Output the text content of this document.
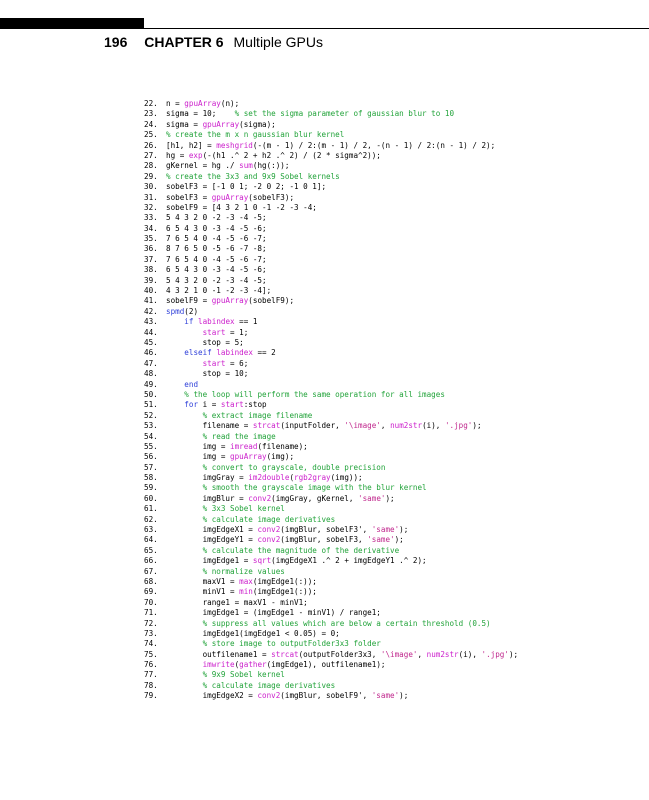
196 CHAPTER 6 Multiple GPUs
22. n = gpuArray(n);
23. sigma = 10;    % set the sigma parameter of gaussian blur to 10
24. sigma = gpuArray(sigma);
25. % create the m x n gaussian blur kernel
26. [h1, h2] = meshgrid(-(m - 1) / 2:(m - 1) / 2, -(n - 1) / 2:(n - 1) / 2);
27. hg = exp(-(h1 .^ 2 + h2 .^ 2) / (2 * sigma^2));
28. gKernel = hg ./ sum(hg(:));
29. % create the 3x3 and 9x9 Sobel kernels
30. sobelF3 = [-1 0 1; -2 0 2; -1 0 1];
31. sobelF3 = gpuArray(sobelF3);
32. sobelF9 = [4 3 2 1 0 -1 -2 -3 -4;
33. 5 4 3 2 0 -2 -3 -4 -5;
34. 6 5 4 3 0 -3 -4 -5 -6;
35. 7 6 5 4 0 -4 -5 -6 -7;
36. 8 7 6 5 0 -5 -6 -7 -8;
37. 7 6 5 4 0 -4 -5 -6 -7;
38. 6 5 4 3 0 -3 -4 -5 -6;
39. 5 4 3 2 0 -2 -3 -4 -5;
40. 4 3 2 1 0 -1 -2 -3 -4];
41. sobelF9 = gpuArray(sobelF9);
42. spmd(2)
43.	if labindex == 1
44.	start = 1;
45.        stop = 5;
46.	elseif labindex == 2
47.	start = 6;
48.        stop = 10;
49.	end
50.	% the loop will perform the same operation for all images
51.	for i = start:stop
52.	% extract image filename
53.        filename = strcat(inputFolder, '\image', num2str(i), '.jpg');
54.	% read the image
55.        img = imread(filename);
56.        img = gpuArray(img);
57.	% convert to grayscale, double precision
58.        imgGray = im2double(rgb2gray(img));
59.	% smooth the grayscale image with the blur kernel
60.        imgBlur = conv2(imgGray, gKernel, 'same');
61.	% 3x3 Sobel kernel
62.	% calculate image derivatives
63.        imgEdgeX1 = conv2(imgBlur, sobelF3', 'same');
64.        imgEdgeY1 = conv2(imgBlur, sobelF3, 'same');
65.	% calculate the magnitude of the derivative
66.        imgEdge1 = sqrt(imgEdgeX1 .^ 2 + imgEdgeY1 .^ 2);
67.	% normalize values
68.        maxV1 = max(imgEdge1(:));
69.        minV1 = min(imgEdge1(:));
70.        range1 = maxV1 - minV1;
71.        imgEdge1 = (imgEdge1 - minV1) / range1;
72.	% suppress all values which are below a certain threshold (0.5)
73.        imgEdge1(imgEdge1 < 0.05) = 0;
74.	% store image to outputFolder3x3 folder
75.        outfilename1 = strcat(outputFolder3x3, '\image', num2str(i), '.jpg');
76.	imwrite(gather(imgEdge1), outfilename1);
77.	% 9x9 Sobel kernel
78.	% calculate image derivatives
79.        imgEdgeX2 = conv2(imgBlur, sobelF9', 'same');
